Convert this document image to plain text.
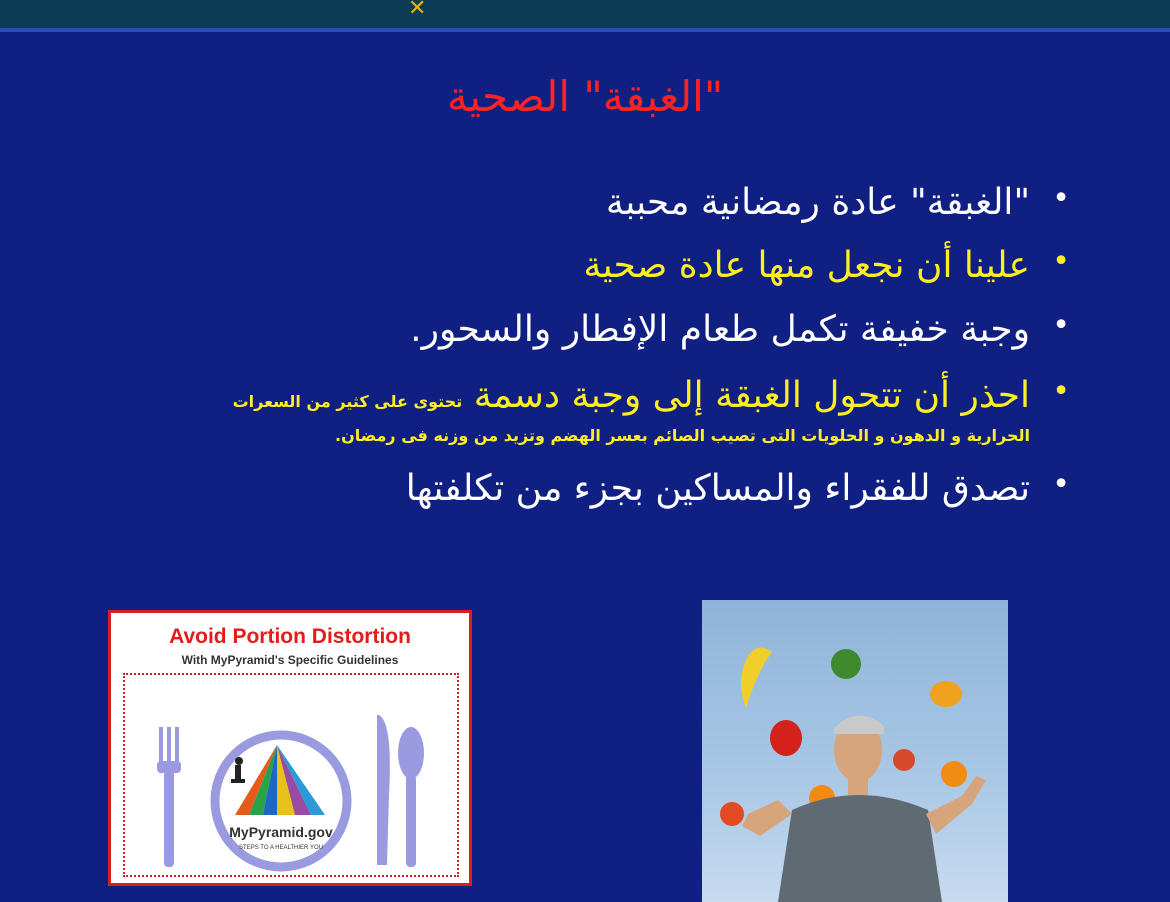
✕
"الغبقة" الصحية
• "الغبقة" عادة رمضانية محببة
• علينا أن نجعل منها عادة صحية
• وجبة خفيفة تكمل طعام الإفطار والسحور.
• احذر أن تتحول الغبقة إلى وجبة دسمة تحتوى على كثير من السعرات
الحرارية و الدهون و الحلويات التى تصيب الصائم بعسر الهضم وتزيد من وزنه فى رمضان.
• تصدق للفقراء والمساكين بجزء من تكلفتها
Avoid Portion Distortion
With MyPyramid's Specific Guidelines
MyPyramid.gov
STEPS TO A HEALTHIER YOU
